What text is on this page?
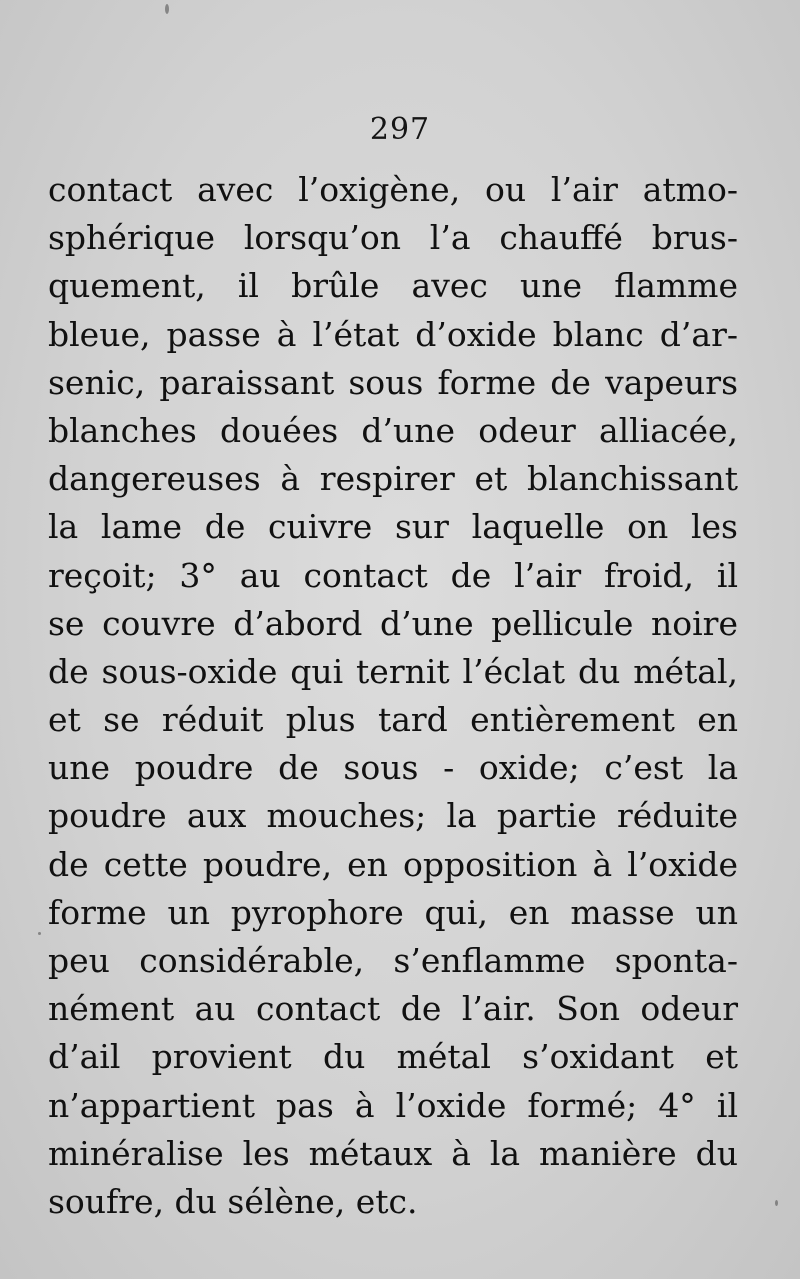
297
contact avec l’oxigène, ou l’air atmo-
sphérique lorsqu’on l’a chauffé brus-
quement, il brûle avec une flamme
bleue, passe à l’état d’oxide blanc d’ar-
senic, paraissant sous forme de vapeurs
blanches douées d’une odeur alliacée,
dangereuses à respirer et blanchissant
la lame de cuivre sur laquelle on les
reçoit; 3° au contact de l’air froid, il
se couvre d’abord d’une pellicule noire
de sous-oxide qui ternit l’éclat du métal,
et se réduit plus tard entièrement en
une poudre de sous - oxide; c’est la
poudre aux mouches; la partie réduite
de cette poudre, en opposition à l’oxide
forme un pyrophore qui, en masse un
peu considérable, s’enflamme sponta-
nément au contact de l’air. Son odeur
d’ail provient du métal s’oxidant et
n’appartient pas à l’oxide formé; 4° il
minéralise les métaux à la manière du
soufre, du sélène, etc.
